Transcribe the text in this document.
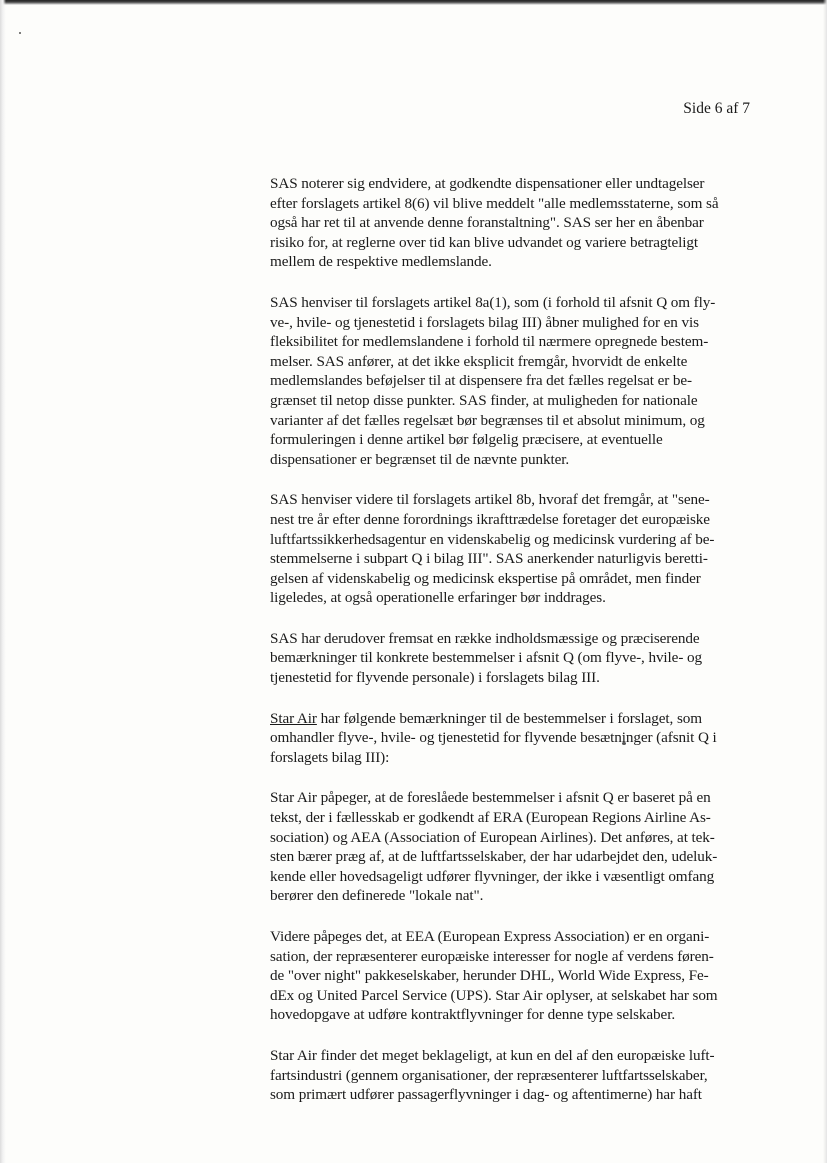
Side 6 af 7

SAS noterer sig endvidere, at godkendte dispensationer eller undtagelser
efter forslagets artikel 8(6) vil blive meddelt "alle medlemsstaterne, som så
også har ret til at anvende denne foranstaltning". SAS ser her en åbenbar
risiko for, at reglerne over tid kan blive udvandet og variere betragteligt
mellem de respektive medlemslande.

SAS henviser til forslagets artikel 8a(1), som (i forhold til afsnit Q om fly-
ve-, hvile- og tjenestetid i forslagets bilag III) åbner mulighed for en vis
fleksibilitet for medlemslandene i forhold til nærmere opregnede bestem-
melser. SAS anfører, at det ikke eksplicit fremgår, hvorvidt de enkelte
medlemslandes beføjelser til at dispensere fra det fælles regelsat er be-
grænset til netop disse punkter. SAS finder, at muligheden for nationale
varianter af det fælles regelsæt bør begrænses til et absolut minimum, og
formuleringen i denne artikel bør følgelig præcisere, at eventuelle
dispensationer er begrænset til de nævnte punkter.

SAS henviser videre til forslagets artikel 8b, hvoraf det fremgår, at "sene-
nest tre år efter denne forordnings ikrafttrædelse foretager det europæiske
luftfartssikkerhedsagentur en videnskabelig og medicinsk vurdering af be-
stemmelserne i subpart Q i bilag III". SAS anerkender naturligvis beretti-
gelsen af videnskabelig og medicinsk ekspertise på området, men finder
ligeledes, at også operationelle erfaringer bør inddrages.

SAS har derudover fremsat en række indholdsmæssige og præciserende
bemærkninger til konkrete bestemmelser i afsnit Q (om flyve-, hvile- og
tjenestetid for flyvende personale) i forslagets bilag III.

Star Air har følgende bemærkninger til de bestemmelser i forslaget, som
omhandler flyve-, hvile- og tjenestetid for flyvende besætninger (afsnit Q i
forslagets bilag III):

Star Air påpeger, at de foreslåede bestemmelser i afsnit Q er baseret på en
tekst, der i fællesskab er godkendt af ERA (European Regions Airline As-
sociation) og AEA (Association of European Airlines). Det anføres, at tek-
sten bærer præg af, at de luftfartsselskaber, der har udarbejdet den, udeluk-
kende eller hovedsageligt udfører flyvninger, der ikke i væsentligt omfang
berører den definerede "lokale nat".

Videre påpeges det, at EEA (European Express Association) er en organi-
sation, der repræsenterer europæiske interesser for nogle af verdens føren-
de "over night" pakkeselskaber, herunder DHL, World Wide Express, Fe-
dEx og United Parcel Service (UPS). Star Air oplyser, at selskabet har som
hovedopgave at udføre kontraktflyvninger for denne type selskaber.

Star Air finder det meget beklageligt, at kun en del af den europæiske luft-
fartsindustri (gennem organisationer, der repræsenterer luftfartsselskaber,
som primært udfører passagerflyvninger i dag- og aftentimerne) har haft
